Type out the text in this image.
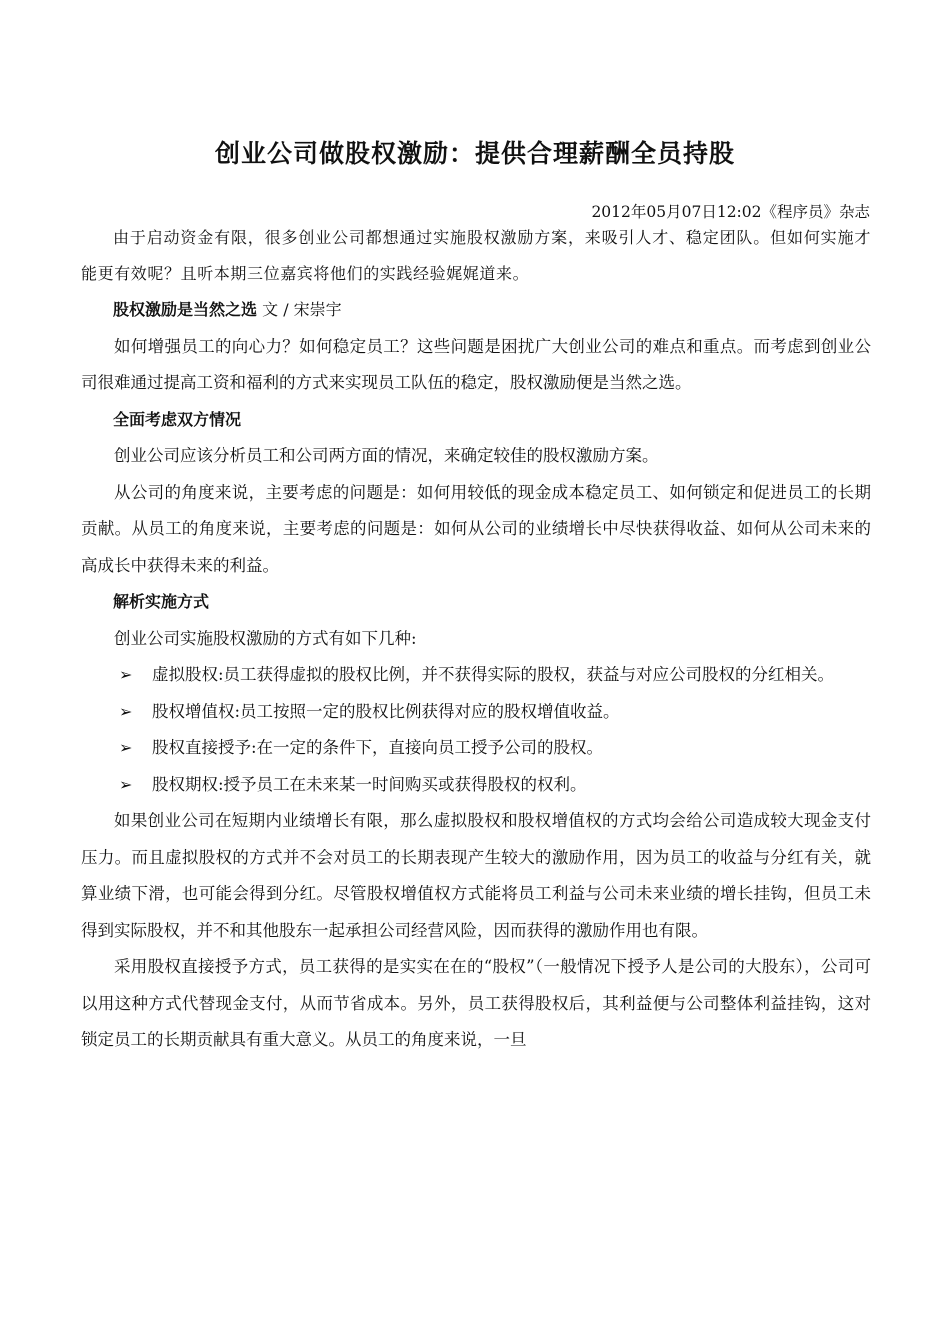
创业公司做股权激励：提供合理薪酬全员持股
2012年05月07日12:02《程序员》杂志

由于启动资金有限，很多创业公司都想通过实施股权激励方案，来吸引人才、稳定团队。但如何实施才能更有效呢？且听本期三位嘉宾将他们的实践经验娓娓道来。

股权激励是当然之选 文 / 宋崇宇

如何增强员工的向心力？如何稳定员工？这些问题是困扰广大创业公司的难点和重点。而考虑到创业公司很难通过提高工资和福利的方式来实现员工队伍的稳定，股权激励便是当然之选。

全面考虑双方情况

创业公司应该分析员工和公司两方面的情况，来确定较佳的股权激励方案。

从公司的角度来说，主要考虑的问题是：如何用较低的现金成本稳定员工、如何锁定和促进员工的长期贡献。从员工的角度来说，主要考虑的问题是：如何从公司的业绩增长中尽快获得收益、如何从公司未来的高成长中获得未来的利益。

解析实施方式

创业公司实施股权激励的方式有如下几种:

➢ 虚拟股权:员工获得虚拟的股权比例，并不获得实际的股权，获益与对应公司股权的分红相关。
➢ 股权增值权:员工按照一定的股权比例获得对应的股权增值收益。
➢ 股权直接授予:在一定的条件下，直接向员工授予公司的股权。
➢ 股权期权:授予员工在未来某一时间购买或获得股权的权利。

如果创业公司在短期内业绩增长有限，那么虚拟股权和股权增值权的方式均会给公司造成较大现金支付压力。而且虚拟股权的方式并不会对员工的长期表现产生较大的激励作用，因为员工的收益与分红有关，就算业绩下滑，也可能会得到分红。尽管股权增值权方式能将员工利益与公司未来业绩的增长挂钩，但员工未得到实际股权，并不和其他股东一起承担公司经营风险，因而获得的激励作用也有限。

采用股权直接授予方式，员工获得的是实实在在的“股权”（一般情况下授予人是公司的大股东），公司可以用这种方式代替现金支付，从而节省成本。另外，员工获得股权后，其利益便与公司整体利益挂钩，这对锁定员工的长期贡献具有重大意义。从员工的角度来说，一旦
